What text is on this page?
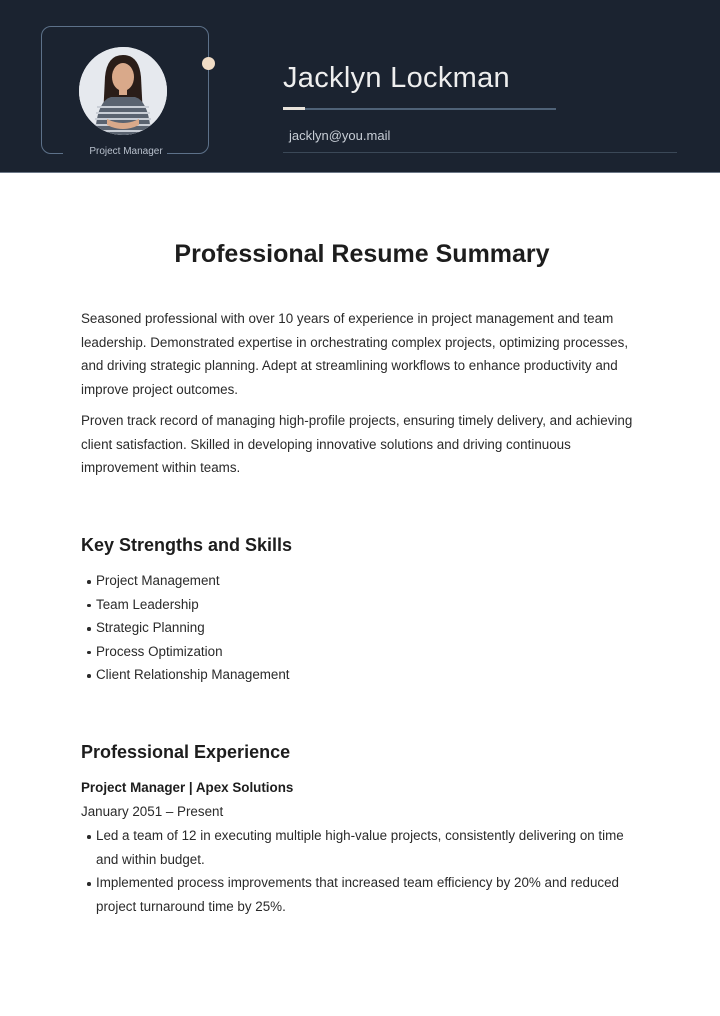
Project Manager
Jacklyn Lockman
jacklyn@you.mail
Professional Resume Summary

Seasoned professional with over 10 years of experience in project management and team leadership. Demonstrated expertise in orchestrating complex projects, optimizing processes, and driving strategic planning. Adept at streamlining workflows to enhance productivity and improve project outcomes.

Proven track record of managing high-profile projects, ensuring timely delivery, and achieving client satisfaction. Skilled in developing innovative solutions and driving continuous improvement within teams.

Key Strengths and Skills
Project Management
Team Leadership
Strategic Planning
Process Optimization
Client Relationship Management
Professional Experience
Project Manager | Apex Solutions
January 2051 – Present
Led a team of 12 in executing multiple high-value projects, consistently delivering on time and within budget.
Implemented process improvements that increased team efficiency by 20% and reduced project turnaround time by 25%.
